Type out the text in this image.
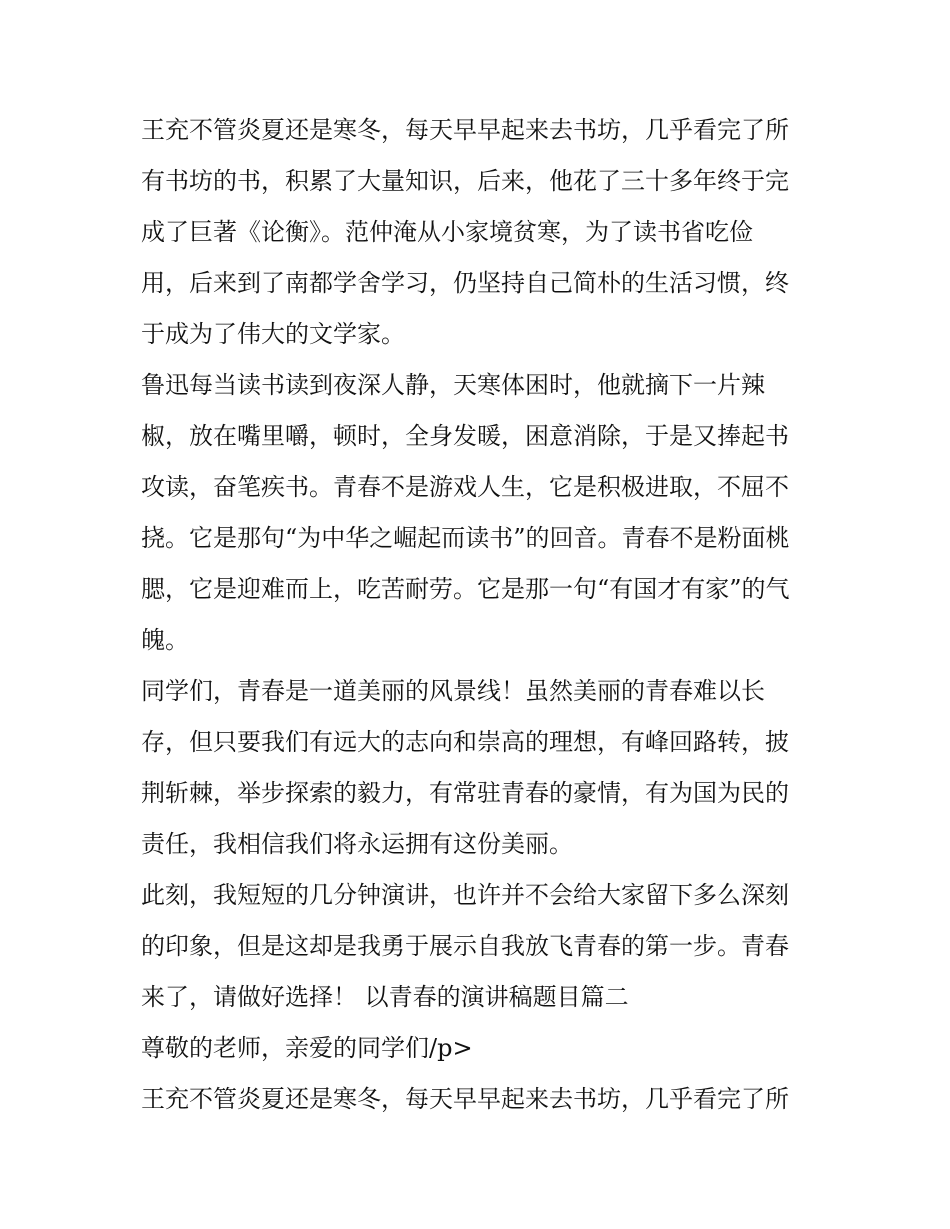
王充不管炎夏还是寒冬，每天早早起来去书坊，几乎看完了所
有书坊的书，积累了大量知识，后来，他花了三十多年终于完
成了巨著《论衡》。范仲淹从小家境贫寒，为了读书省吃俭
用，后来到了南都学舍学习，仍坚持自己简朴的生活习惯，终
于成为了伟大的文学家。

鲁迅每当读书读到夜深人静，天寒体困时，他就摘下一片辣
椒，放在嘴里嚼，顿时，全身发暖，困意消除，于是又捧起书
攻读，奋笔疾书。青春不是游戏人生，它是积极进取，不屈不
挠。它是那句“为中华之崛起而读书”的回音。青春不是粉面桃
腮，它是迎难而上，吃苦耐劳。它是那一句“有国才有家”的气
魄。

同学们，青春是一道美丽的风景线！虽然美丽的青春难以长
存，但只要我们有远大的志向和崇高的理想，有峰回路转，披
荆斩棘，举步探索的毅力，有常驻青春的豪情，有为国为民的
责任，我相信我们将永运拥有这份美丽。

此刻，我短短的几分钟演讲，也许并不会给大家留下多么深刻
的印象，但是这却是我勇于展示自我放飞青春的第一步。青春
来了，请做好选择！ 以青春的演讲稿题目篇二

尊敬的老师，亲爱的同学们/p>

王充不管炎夏还是寒冬，每天早早起来去书坊，几乎看完了所
